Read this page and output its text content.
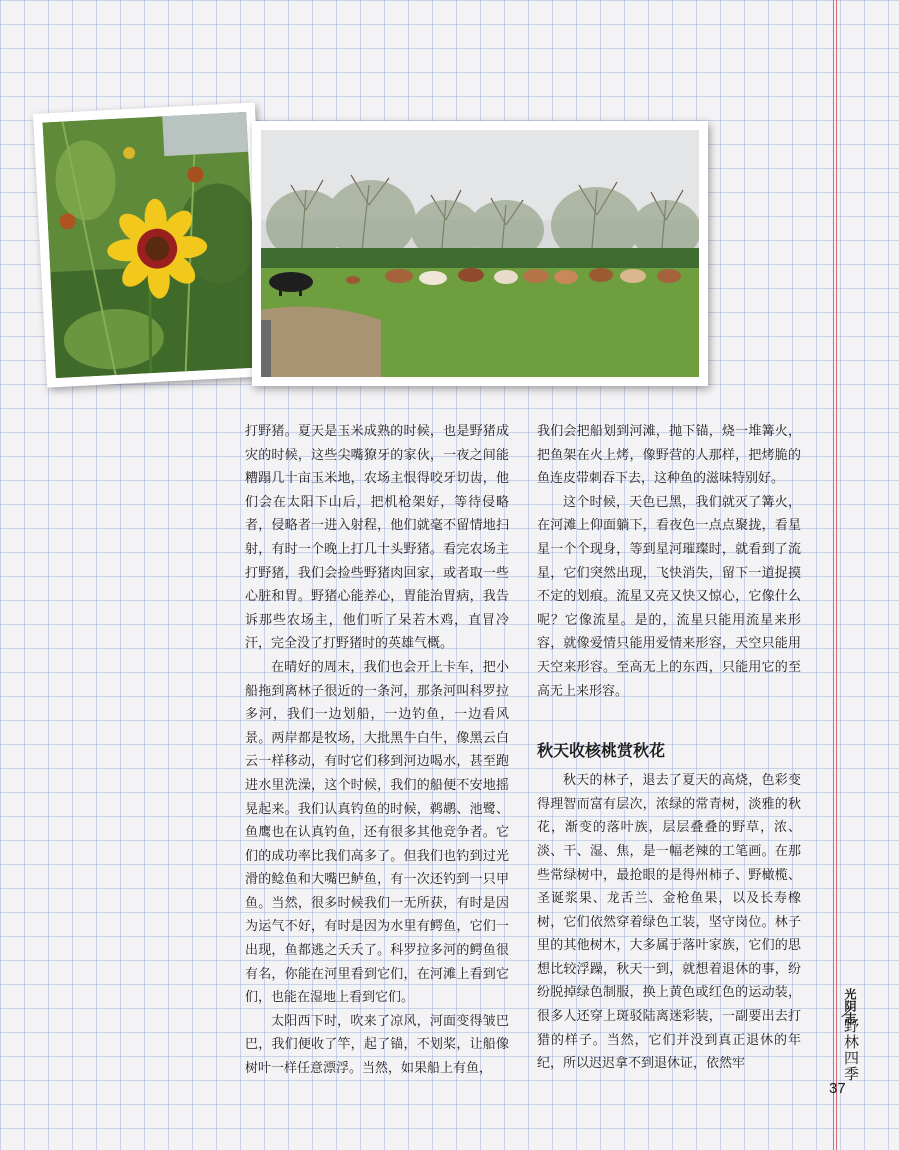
打野猪。夏天是玉米成熟的时候，也是野猪成灾的时候，这些尖嘴獠牙的家伙，一夜之间能糟蹋几十亩玉米地，农场主恨得咬牙切齿，他们会在太阳下山后，把机枪架好，等待侵略者，侵略者一进入射程，他们就毫不留情地扫射，有时一个晚上打几十头野猪。看完农场主打野猪，我们会捡些野猪肉回家，或者取一些心脏和胃。野猪心能养心，胃能治胃病，我告诉那些农场主，他们听了呆若木鸡，直冒冷汗，完全没了打野猪时的英雄气概。

在晴好的周末，我们也会开上卡车，把小船拖到离林子很近的一条河，那条河叫科罗拉多河，我们一边划船，一边钓鱼，一边看风景。两岸都是牧场，大批黑牛白牛，像黑云白云一样移动，有时它们移到河边喝水，甚至跑进水里洗澡，这个时候，我们的船便不安地摇晃起来。我们认真钓鱼的时候，鹈鹕、池鹭、鱼鹰也在认真钓鱼，还有很多其他竞争者。它们的成功率比我们高多了。但我们也钓到过光滑的鲶鱼和大嘴巴鲈鱼，有一次还钓到一只甲鱼。当然，很多时候我们一无所获，有时是因为运气不好，有时是因为水里有鳄鱼，它们一出现，鱼都逃之夭夭了。科罗拉多河的鳄鱼很有名，你能在河里看到它们，在河滩上看到它们，也能在湿地上看到它们。

太阳西下时，吹来了凉风，河面变得皱巴巴，我们便收了竿，起了锚，不划桨，让船像树叶一样任意漂浮。当然，如果船上有鱼，

我们会把船划到河滩，抛下锚，烧一堆篝火，把鱼架在火上烤，像野营的人那样，把烤脆的鱼连皮带刺吞下去，这种鱼的滋味特别好。

这个时候，天色已黑，我们就灭了篝火，在河滩上仰面躺下，看夜色一点点聚拢，看星星一个个现身，等到星河璀璨时，就看到了流星，它们突然出现，飞快消失，留下一道捉摸不定的划痕。流星又亮又快又惊心，它像什么呢？它像流星。是的，流星只能用流星来形容，就像爱情只能用爱情来形容，天空只能用天空来形容。至高无上的东西，只能用它的至高无上来形容。

秋天收核桃赏秋花

秋天的林子，退去了夏天的高烧，色彩变得理智而富有层次，浓绿的常青树，淡雅的秋花，渐变的落叶族，层层叠叠的野草，浓、淡、干、湿、焦，是一幅老辣的工笔画。在那些常绿树中，最抢眼的是得州柿子、野橄榄、圣诞浆果、龙舌兰、金枪鱼果，以及长寿橡树，它们依然穿着绿色工装，坚守岗位。林子里的其他树木，大多属于落叶家族，它们的思想比较浮躁，秋天一到，就想着退休的事，纷纷脱掉绿色制服，换上黄色或红色的运动装，很多人还穿上斑驳陆离迷彩装，一副要出去打猎的样子。当然，它们并没到真正退休的年纪，所以迟迟拿不到退休证，依然牢

光阴志
野林四季
37
